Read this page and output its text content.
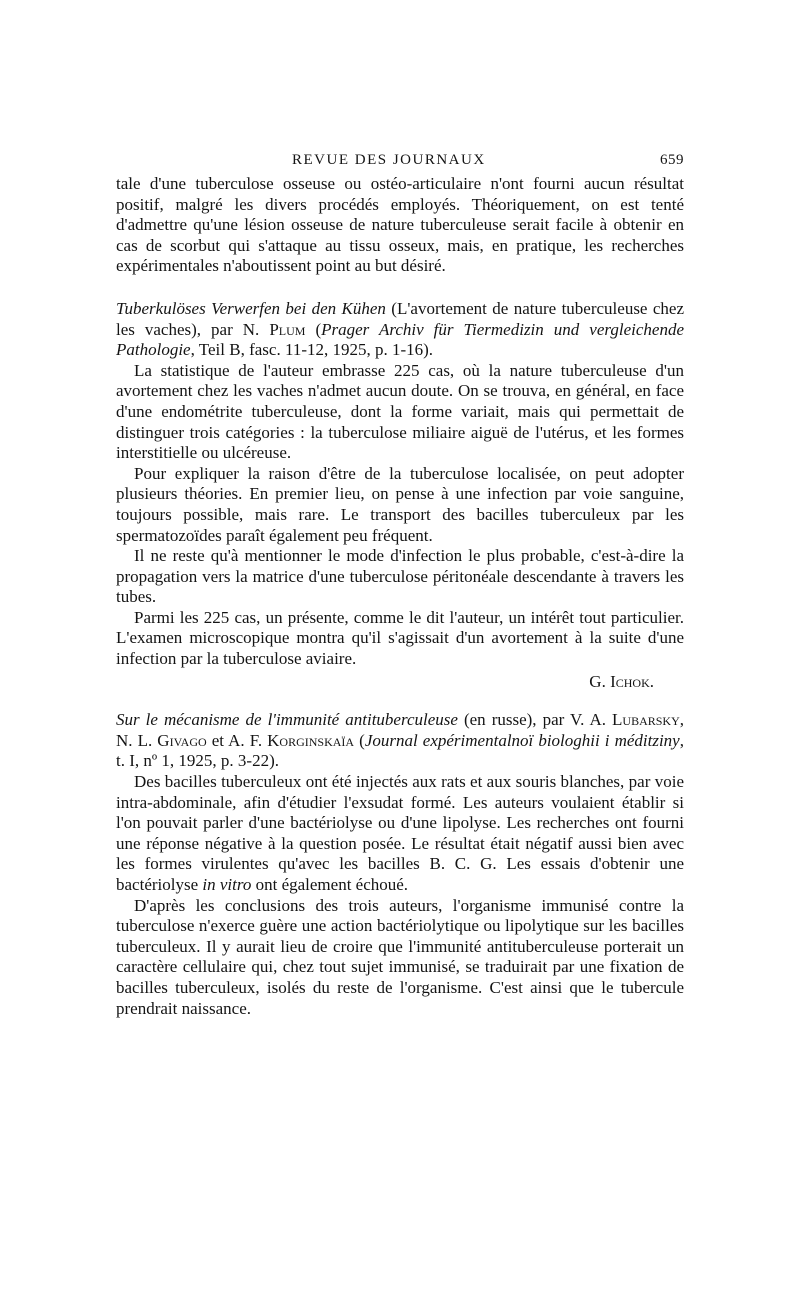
REVUE DES JOURNAUX	659

tale d'une tuberculose osseuse ou ostéo-articulaire n'ont fourni aucun résultat positif, malgré les divers procédés employés. Théoriquement, on est tenté d'admettre qu'une lésion osseuse de nature tuberculeuse serait facile à obtenir en cas de scorbut qui s'attaque au tissu osseux, mais, en pratique, les recherches expérimentales n'aboutissent point au but désiré.

Tuberkulöses Verwerfen bei den Kühen (L'avortement de nature tuberculeuse chez les vaches), par N. Plum (Prager Archiv für Tiermedizin und vergleichende Pathologie, Teil B, fasc. 11-12, 1925, p. 1-16).

La statistique de l'auteur embrasse 225 cas, où la nature tuberculeuse d'un avortement chez les vaches n'admet aucun doute. On se trouva, en général, en face d'une endométrite tuberculeuse, dont la forme variait, mais qui permettait de distinguer trois catégories : la tuberculose miliaire aiguë de l'utérus, et les formes interstitielle ou ulcéreuse.

Pour expliquer la raison d'être de la tuberculose localisée, on peut adopter plusieurs théories. En premier lieu, on pense à une infection par voie sanguine, toujours possible, mais rare. Le transport des bacilles tuberculeux par les spermatozoïdes paraît également peu fréquent.

Il ne reste qu'à mentionner le mode d'infection le plus probable, c'est-à-dire la propagation vers la matrice d'une tuberculose péritonéale descendante à travers les tubes.

Parmi les 225 cas, un présente, comme le dit l'auteur, un intérêt tout particulier. L'examen microscopique montra qu'il s'agissait d'un avortement à la suite d'une infection par la tuberculose aviaire.

G. Ichok.

Sur le mécanisme de l'immunité antituberculeuse (en russe), par V. A. Lubarsky, N. L. Givago et A. F. Korginskaïa (Journal expérimentalnoï biologhii i méditziny, t. I, nº 1, 1925, p. 3-22).

Des bacilles tuberculeux ont été injectés aux rats et aux souris blanches, par voie intra-abdominale, afin d'étudier l'exsudat formé. Les auteurs voulaient établir si l'on pouvait parler d'une bactériolyse ou d'une lipolyse. Les recherches ont fourni une réponse négative à la question posée. Le résultat était négatif aussi bien avec les formes virulentes qu'avec les bacilles B. C. G. Les essais d'obtenir une bactériolyse in vitro ont également échoué.

D'après les conclusions des trois auteurs, l'organisme immunisé contre la tuberculose n'exerce guère une action bactériolytique ou lipolytique sur les bacilles tuberculeux. Il y aurait lieu de croire que l'immunité antituberculeuse porterait un caractère cellulaire qui, chez tout sujet immunisé, se traduirait par une fixation de bacilles tuberculeux, isolés du reste de l'organisme. C'est ainsi que le tubercule prendrait naissance.
